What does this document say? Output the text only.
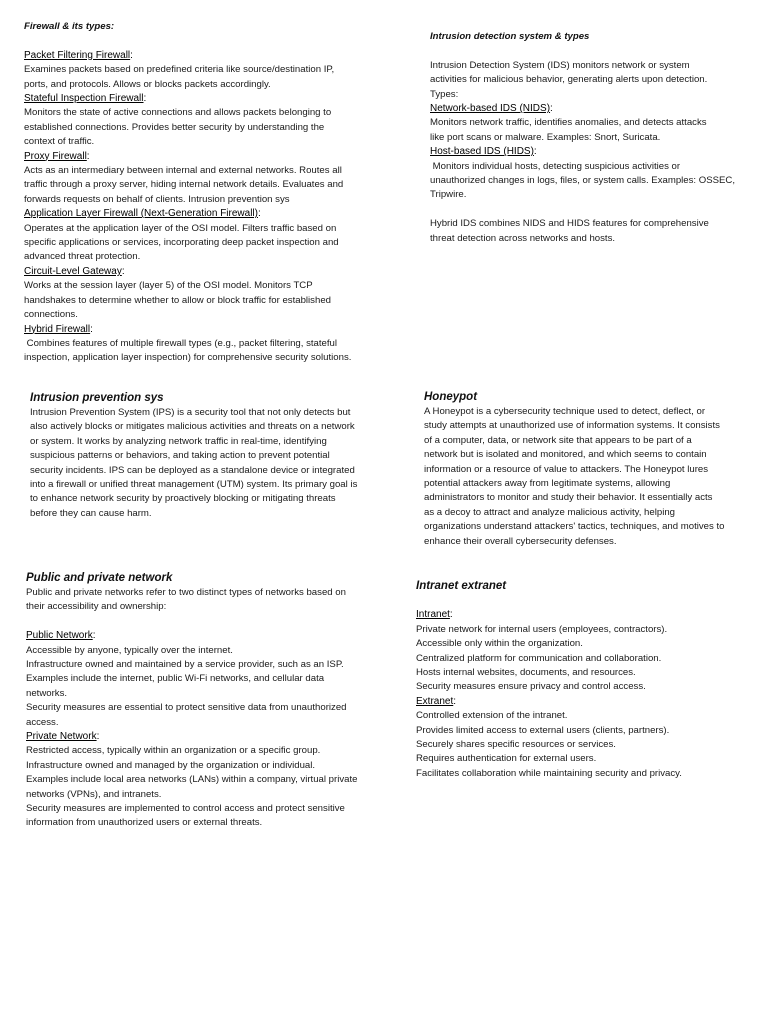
Firewall & its types:

Packet Filtering Firewall:

Examines packets based on predefined criteria like source/destination IP,

ports, and protocols. Allows or blocks packets accordingly.

Stateful Inspection Firewall:

Monitors the state of active connections and allows packets belonging to

established connections. Provides better security by understanding the

context of traffic.

Proxy Firewall:

Acts as an intermediary between internal and external networks. Routes all

traffic through a proxy server, hiding internal network details. Evaluates and

forwards requests on behalf of clients. Intrusion prevention sys

Application Layer Firewall (Next-Generation Firewall):

Operates at the application layer of the OSI model. Filters traffic based on

specific applications or services, incorporating deep packet inspection and

advanced threat protection.

Circuit-Level Gateway:

Works at the session layer (layer 5) of the OSI model. Monitors TCP

handshakes to determine whether to allow or block traffic for established

connections.

Hybrid Firewall:

Combines features of multiple firewall types (e.g., packet filtering, stateful

inspection, application layer inspection) for comprehensive security solutions.

Intrusion detection system & types

Intrusion Detection System (IDS) monitors network or system

activities for malicious behavior, generating alerts upon detection.

Types:

Network-based IDS (NIDS):

Monitors network traffic, identifies anomalies, and detects attacks

like port scans or malware. Examples: Snort, Suricata.

Host-based IDS (HIDS):

Monitors individual hosts, detecting suspicious activities or

unauthorized changes in logs, files, or system calls. Examples: OSSEC,

Tripwire.

Hybrid IDS combines NIDS and HIDS features for comprehensive

threat detection across networks and hosts.

Intrusion prevention sys

Intrusion Prevention System (IPS) is a security tool that not only detects but

also actively blocks or mitigates malicious activities and threats on a network

or system. It works by analyzing network traffic in real-time, identifying

suspicious patterns or behaviors, and taking action to prevent potential

security incidents. IPS can be deployed as a standalone device or integrated

into a firewall or unified threat management (UTM) system. Its primary goal is

to enhance network security by proactively blocking or mitigating threats

before they can cause harm.

Honeypot

A Honeypot is a cybersecurity technique used to detect, deflect, or

study attempts at unauthorized use of information systems. It consists

of a computer, data, or network site that appears to be part of a

network but is isolated and monitored, and which seems to contain

information or a resource of value to attackers. The Honeypot lures

potential attackers away from legitimate systems, allowing

administrators to monitor and study their behavior. It essentially acts

as a decoy to attract and analyze malicious activity, helping

organizations understand attackers' tactics, techniques, and motives to

enhance their overall cybersecurity defenses.

Public and private network

Public and private networks refer to two distinct types of networks based on

their accessibility and ownership:

Public Network:

Accessible by anyone, typically over the internet.

Infrastructure owned and maintained by a service provider, such as an ISP.

Examples include the internet, public Wi-Fi networks, and cellular data

networks.

Security measures are essential to protect sensitive data from unauthorized

access.

Private Network:

Restricted access, typically within an organization or a specific group.

Infrastructure owned and managed by the organization or individual.

Examples include local area networks (LANs) within a company, virtual private

networks (VPNs), and intranets.

Security measures are implemented to control access and protect sensitive

information from unauthorized users or external threats.

Intranet extranet

Intranet:

Private network for internal users (employees, contractors).

Accessible only within the organization.

Centralized platform for communication and collaboration.

Hosts internal websites, documents, and resources.

Security measures ensure privacy and control access.

Extranet:

Controlled extension of the intranet.

Provides limited access to external users (clients, partners).

Securely shares specific resources or services.

Requires authentication for external users.

Facilitates collaboration while maintaining security and privacy.
